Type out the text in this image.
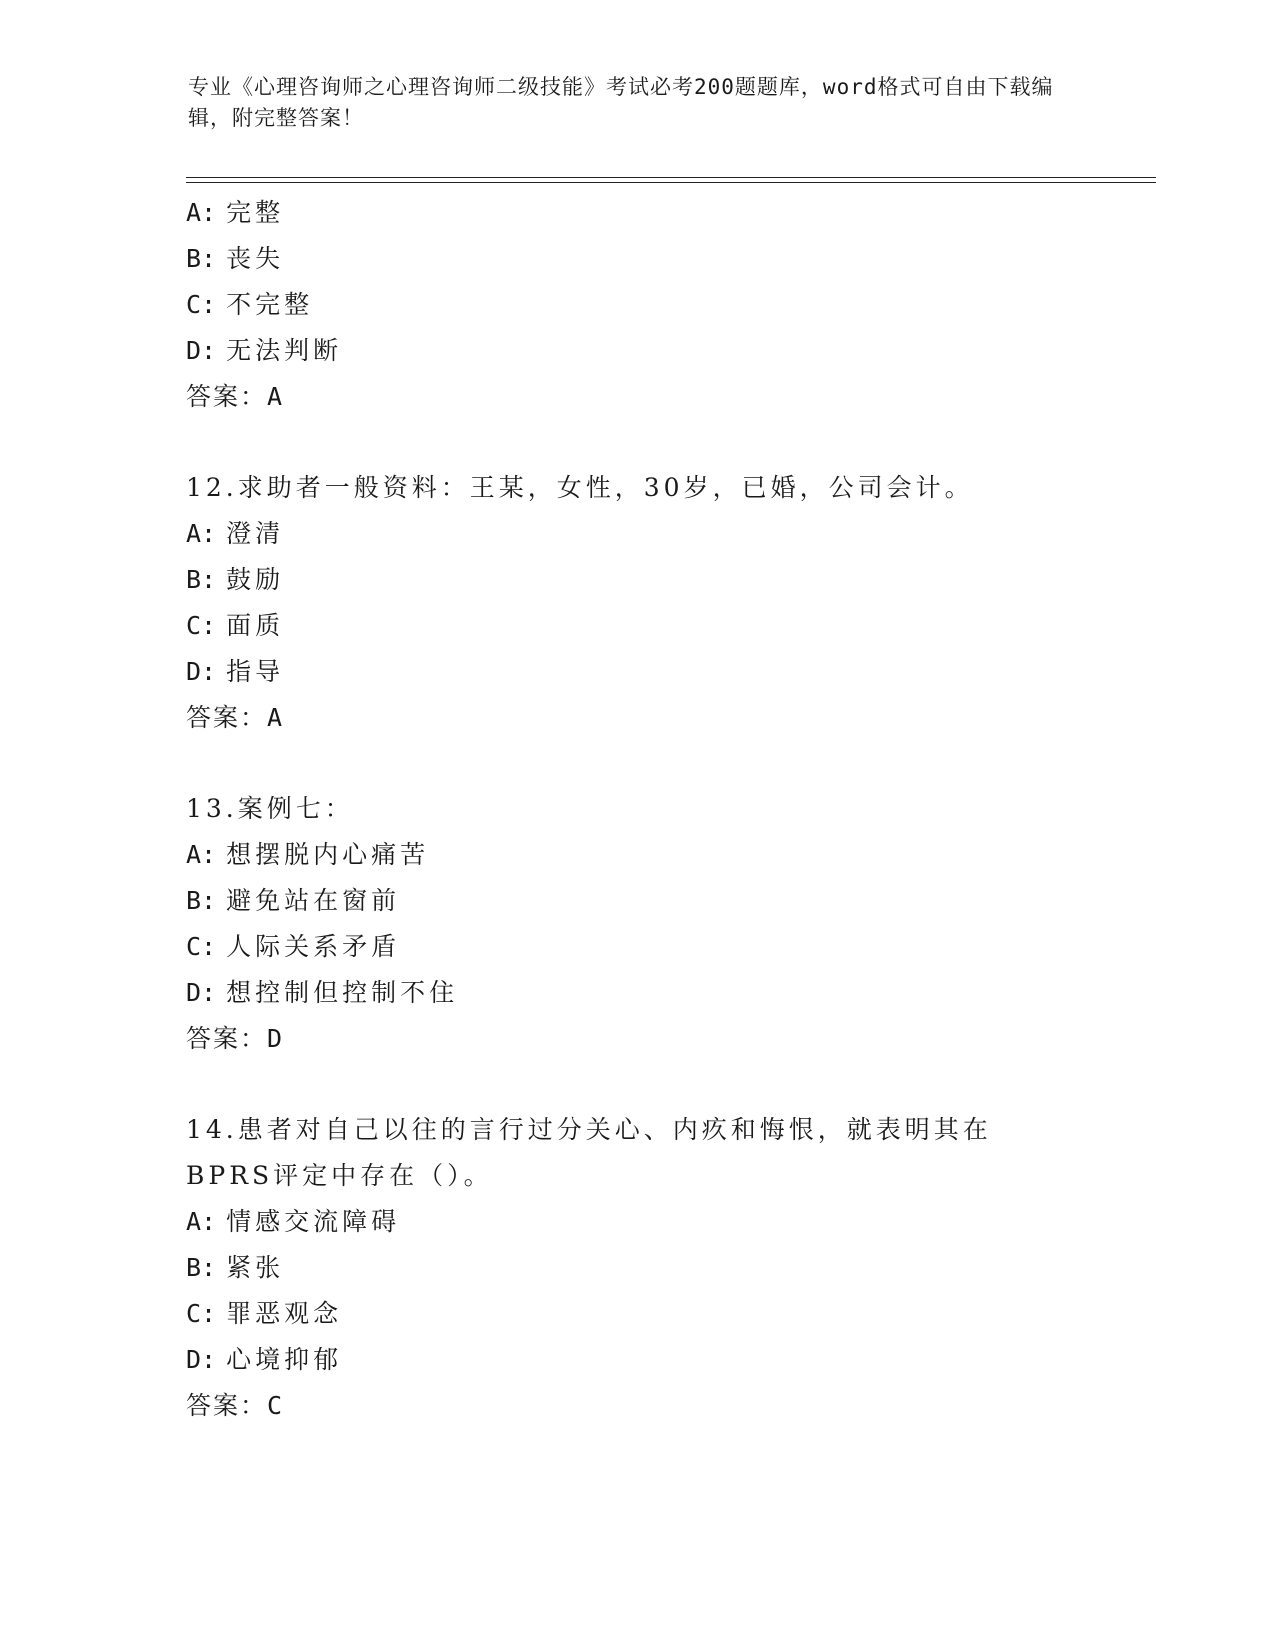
专业《心理咨询师之心理咨询师二级技能》考试必考200题题库，word格式可自由下载编辑，附完整答案！
A: 完整
B: 丧失
C: 不完整
D: 无法判断
答案：A
12.求助者一般资料：王某，女性，30岁，已婚，公司会计。
A: 澄清
B: 鼓励
C: 面质
D: 指导
答案：A
13.案例七：
A: 想摆脱内心痛苦
B: 避免站在窗前
C: 人际关系矛盾
D: 想控制但控制不住
答案：D
14.患者对自己以往的言行过分关心、内疚和悔恨，就表明其在BPRS评定中存在（）。
A: 情感交流障碍
B: 紧张
C: 罪恶观念
D: 心境抑郁
答案：C
